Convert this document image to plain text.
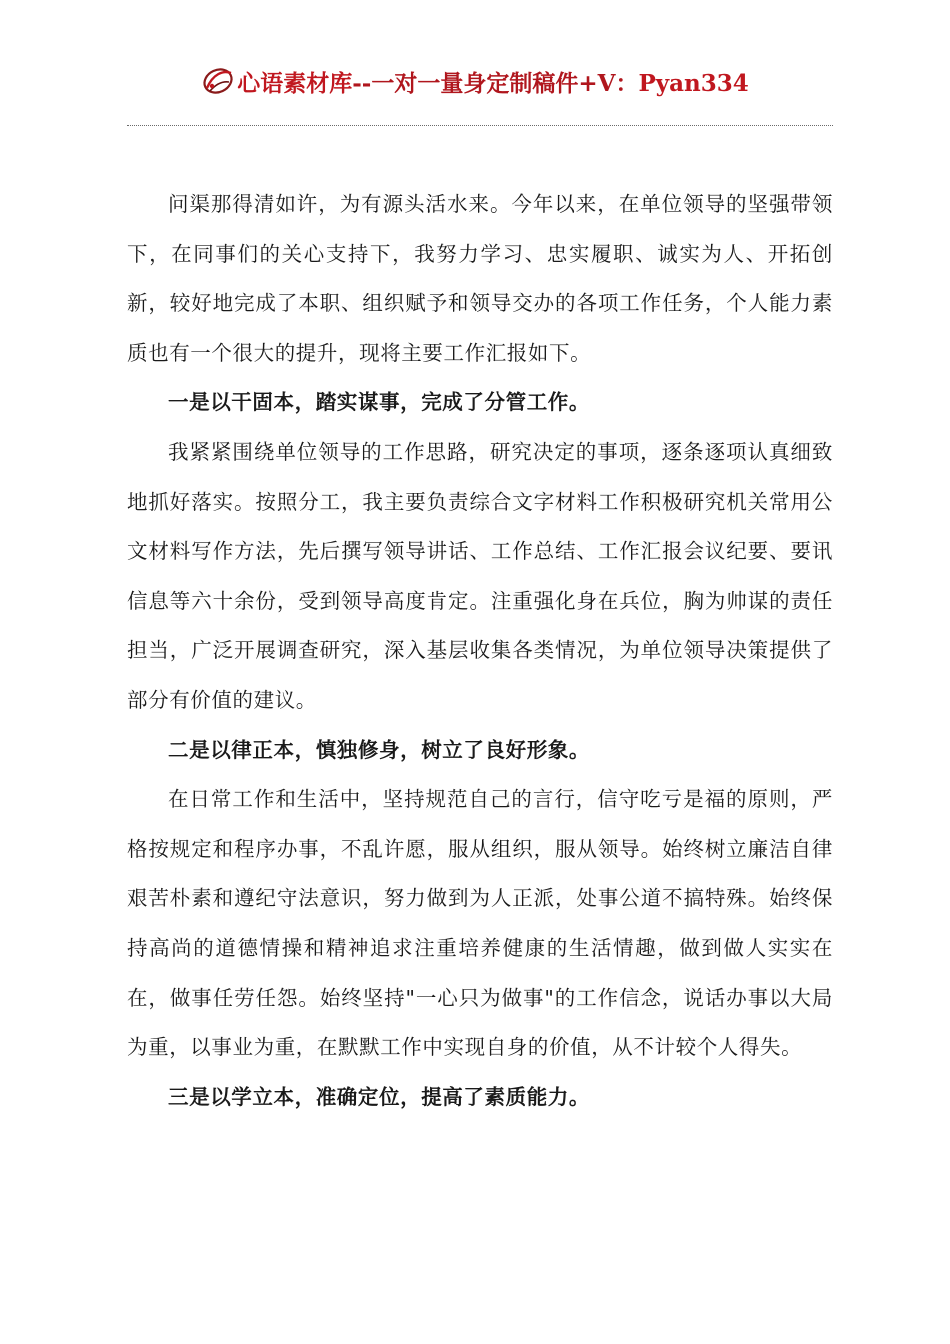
心语素材库--一对一量身定制稿件+V：Pyan334

问渠那得清如许，为有源头活水来。今年以来，在单位领导的坚强带领下，在同事们的关心支持下，我努力学习、忠实履职、诚实为人、开拓创新，较好地完成了本职、组织赋予和领导交办的各项工作任务，个人能力素质也有一个很大的提升，现将主要工作汇报如下。

一是以干固本，踏实谋事，完成了分管工作。

我紧紧围绕单位领导的工作思路，研究决定的事项，逐条逐项认真细致地抓好落实。按照分工，我主要负责综合文字材料工作积极研究机关常用公文材料写作方法，先后撰写领导讲话、工作总结、工作汇报会议纪要、要讯信息等六十余份，受到领导高度肯定。注重强化身在兵位，胸为帅谋的责任担当，广泛开展调查研究，深入基层收集各类情况，为单位领导决策提供了部分有价值的建议。

二是以律正本，慎独修身，树立了良好形象。

在日常工作和生活中，坚持规范自己的言行，信守吃亏是福的原则，严格按规定和程序办事，不乱许愿，服从组织，服从领导。始终树立廉洁自律艰苦朴素和遵纪守法意识，努力做到为人正派，处事公道不搞特殊。始终保持高尚的道德情操和精神追求注重培养健康的生活情趣，做到做人实实在在，做事任劳任怨。始终坚持"一心只为做事"的工作信念，说话办事以大局为重，以事业为重，在默默工作中实现自身的价值，从不计较个人得失。

三是以学立本，准确定位，提高了素质能力。
